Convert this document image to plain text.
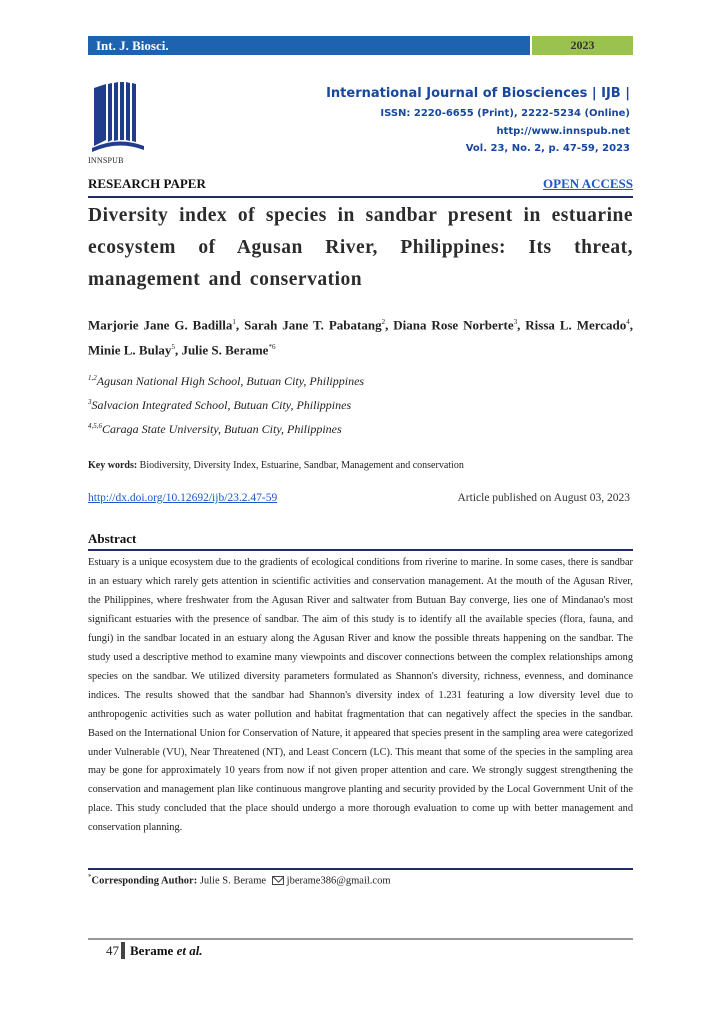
Int. J. Biosci.	2023
INNSPUB
International Journal of Biosciences | IJB |
ISSN: 2220-6655 (Print), 2222-5234 (Online)
http://www.innspub.net
Vol. 23, No. 2, p. 47-59, 2023
RESEARCH PAPER	OPEN ACCESS
Diversity index of species in sandbar present in estuarine
ecosystem of Agusan River, Philippines: Its threat,
management and conservation
Marjorie Jane G. Badilla$^1$, Sarah Jane T. Pabatang$^2$, Diana Rose Norberte$^3$, Rissa L. Mercado$^4$, Minie L. Bulay$^5$, Julie S. Berame$^{*6}$
$^{1,2}$Agusan National High School, Butuan City, Philippines
$^3$Salvacion Integrated School, Butuan City, Philippines
$^{4,5,6}$Caraga State University, Butuan City, Philippines
Key words: Biodiversity, Diversity Index, Estuarine, Sandbar, Management and conservation
http://dx.doi.org/10.12692/ijb/23.2.47-59	Article published on August 03, 2023
Abstract
Estuary is a unique ecosystem due to the gradients of ecological conditions from riverine to marine. In some cases, there is sandbar in an estuary which rarely gets attention in scientific activities and conservation management. At the mouth of the Agusan River, the Philippines, where freshwater from the Agusan River and saltwater from Butuan Bay converge, lies one of Mindanao's most significant estuaries with the presence of sandbar. The aim of this study is to identify all the available species (flora, fauna, and fungi) in the sandbar located in an estuary along the Agusan River and know the possible threats happening on the sandbar. The study used a descriptive method to examine many viewpoints and discover connections between the complex relationships among species on the sandbar. We utilized diversity parameters formulated as Shannon's diversity, richness, evenness, and dominance indices. The results showed that the sandbar had Shannon's diversity index of 1.231 featuring a low diversity level due to anthropogenic activities such as water pollution and habitat fragmentation that can negatively affect the species in the sandbar. Based on the International Union for Conservation of Nature, it appeared that species present in the sampling area were categorized under Vulnerable (VU), Near Threatened (NT), and Least Concern (LC). This meant that some of the species in the sampling area may be gone for approximately 10 years from now if not given proper attention and care. We strongly suggest strengthening the conservation and management plan like continuous mangrove planting and security provided by the Local Government Unit of the place. This study concluded that the place should undergo a more thorough evaluation to come up with better management and conservation planning.
*Corresponding Author: Julie S. Berame jberame386@gmail.com
47 Berame et al.
